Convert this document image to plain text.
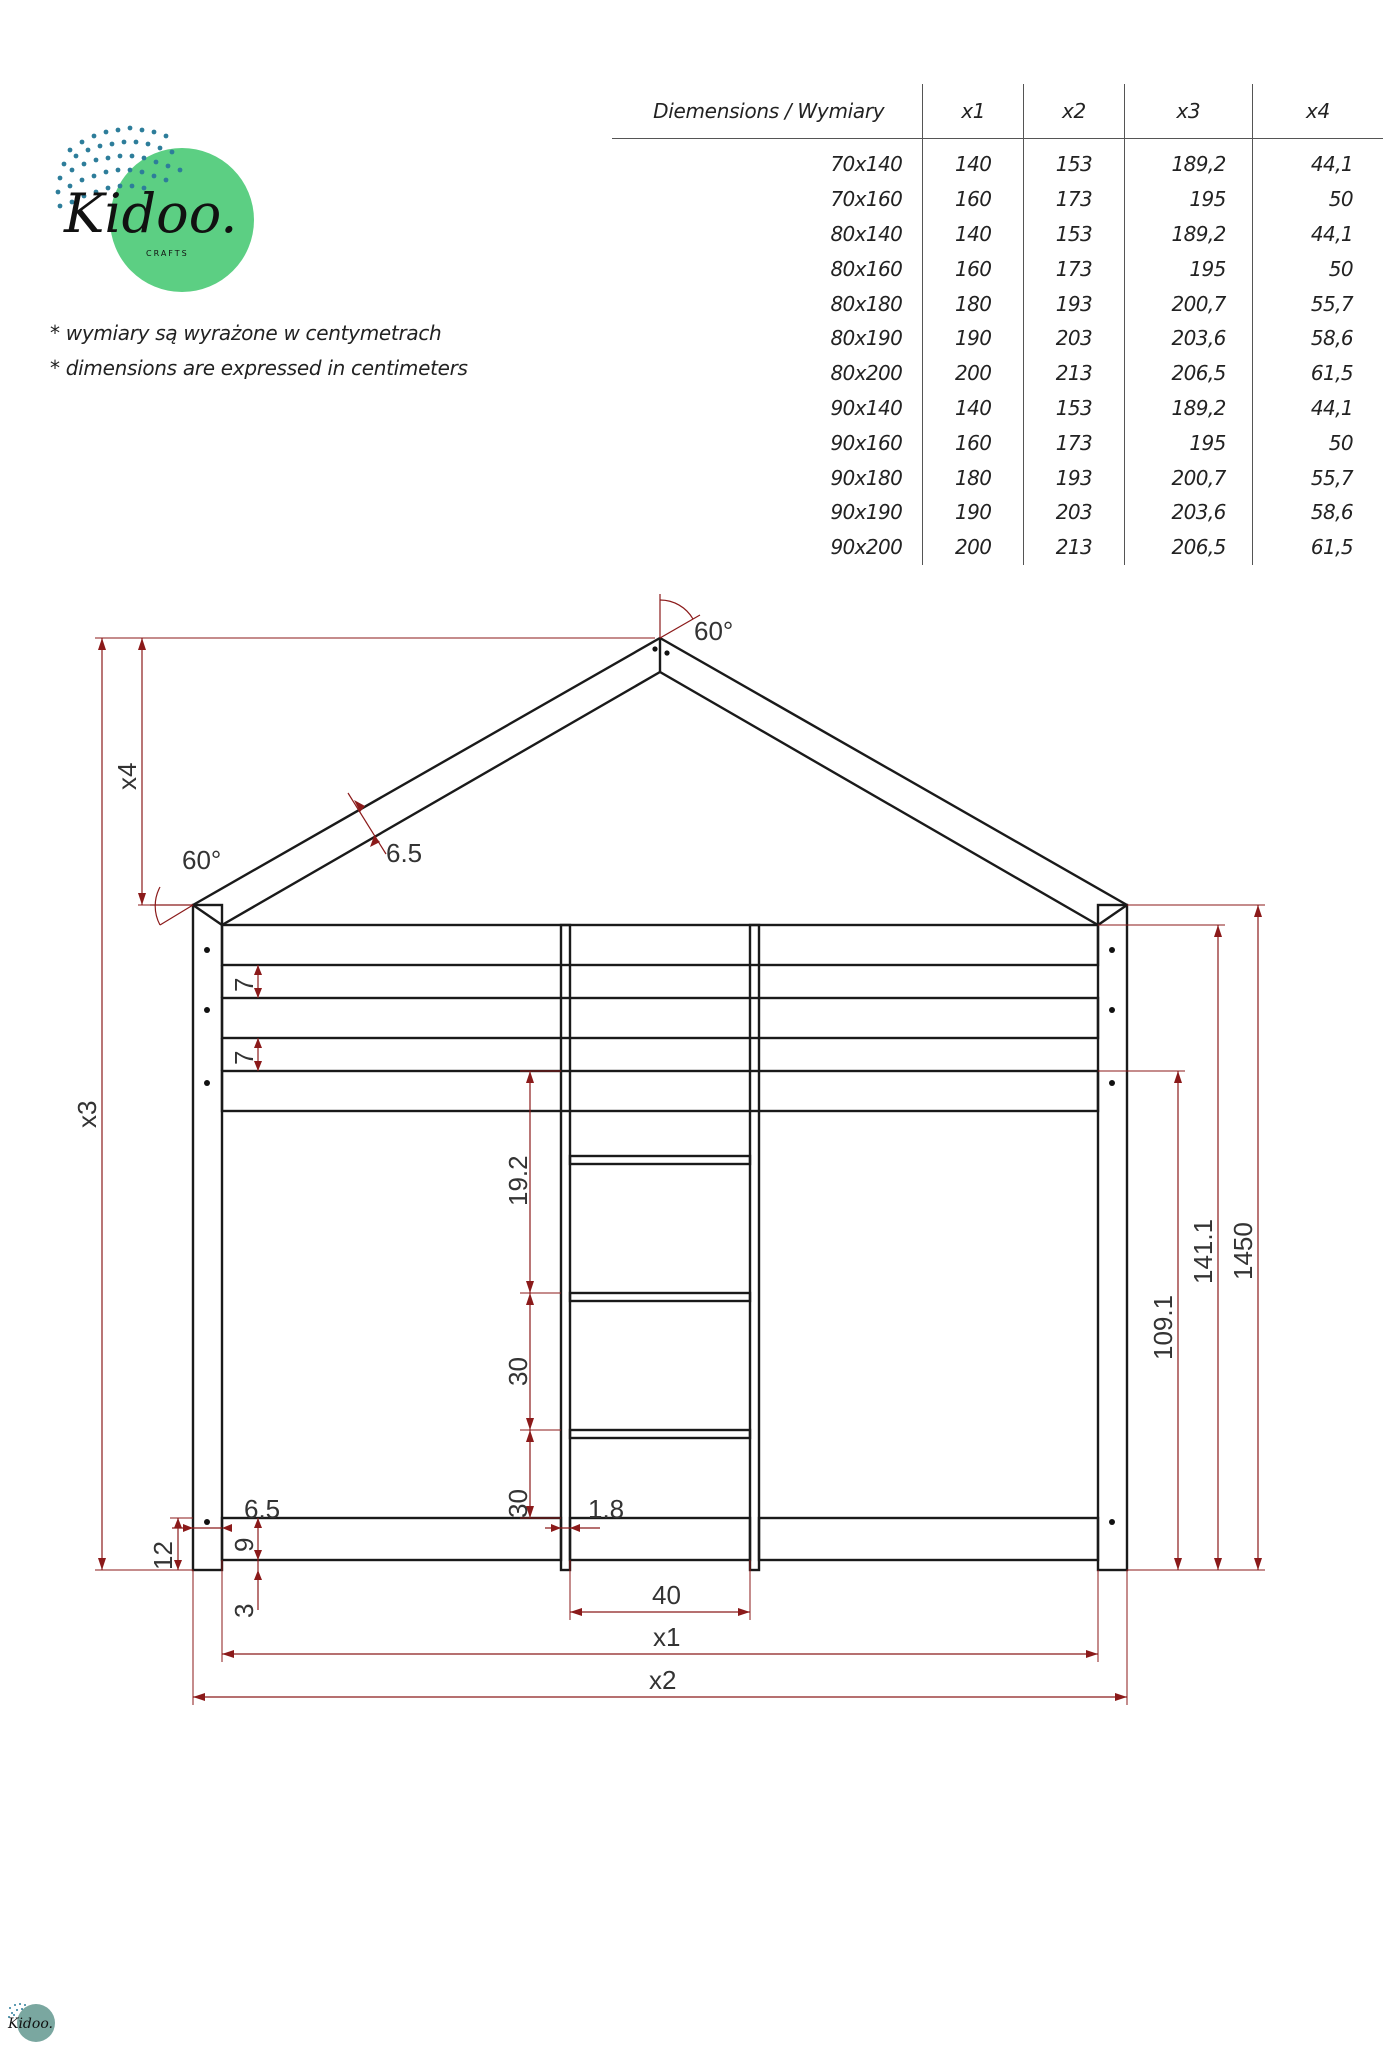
Kidoo.
CRAFTS
Kidoo.
* wymiary są wyrażone w centymetrach
* dimensions are expressed in centimeters
Diemensions / Wymiary	x1	x2	x3	x4
70x140	140	153	189,2	44,1
70x160	160	173	195	50
80x140	140	153	189,2	44,1
80x160	160	173	195	50
80x180	180	193	200,7	55,7
80x190	190	203	203,6	58,6
80x200	200	213	206,5	61,5
90x140	140	153	189,2	44,1
90x160	160	173	195	50
90x180	180	193	200,7	55,7
90x190	190	203	203,6	58,6
90x200	200	213	206,5	61,5
60°
60°	6.5
x4
x3
7
7
19.2
30
30 1.8
6.5
12 9
3
40
x1
x2
109.1
141.1 1450
